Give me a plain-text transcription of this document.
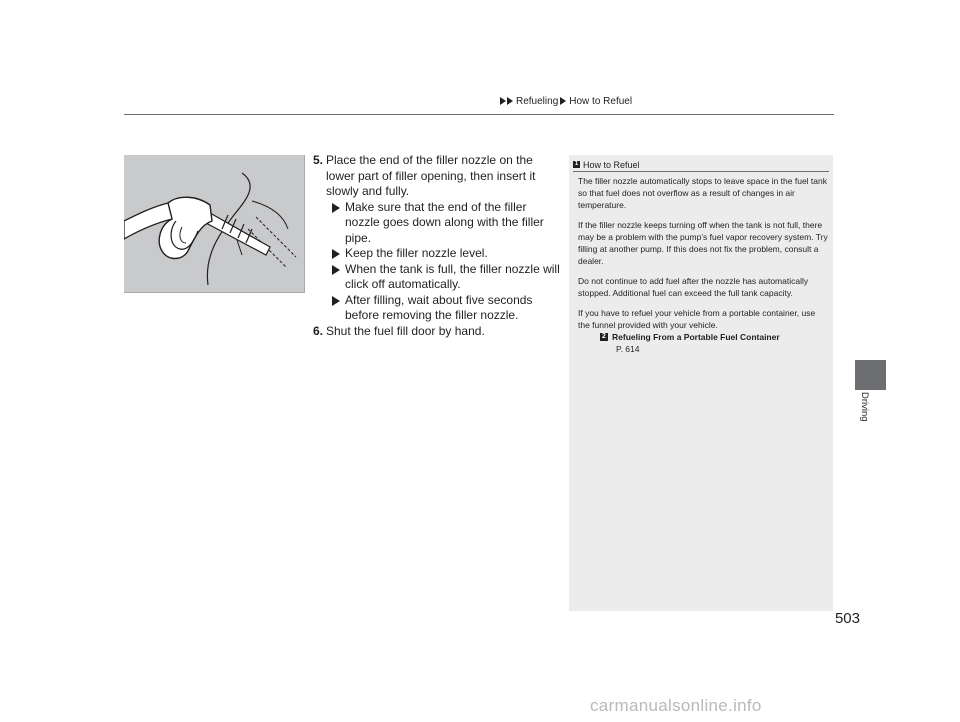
Refueling How to Refuel
5. Place the end of the filler nozzle on the lower part of filler opening, then insert it slowly and fully.
Make sure that the end of the filler nozzle goes down along with the filler pipe.
Keep the filler nozzle level.
When the tank is full, the filler nozzle will click off automatically.
After filling, wait about five seconds before removing the filler nozzle.
6. Shut the fuel fill door by hand.
1 How to Refuel

The filler nozzle automatically stops to leave space in the fuel tank so that fuel does not overflow as a result of changes in air temperature.

If the filler nozzle keeps turning off when the tank is not full, there may be a problem with the pump’s fuel vapor recovery system. Try filling at another pump. If this does not fix the problem, consult a dealer.

Do not continue to add fuel after the nozzle has automatically stopped. Additional fuel can exceed the full tank capacity.

If you have to refuel your vehicle from a portable container, use the funnel provided with your vehicle.

2 Refueling From a Portable Fuel Container
P. 614
Driving
503
carmanualsonline.info
